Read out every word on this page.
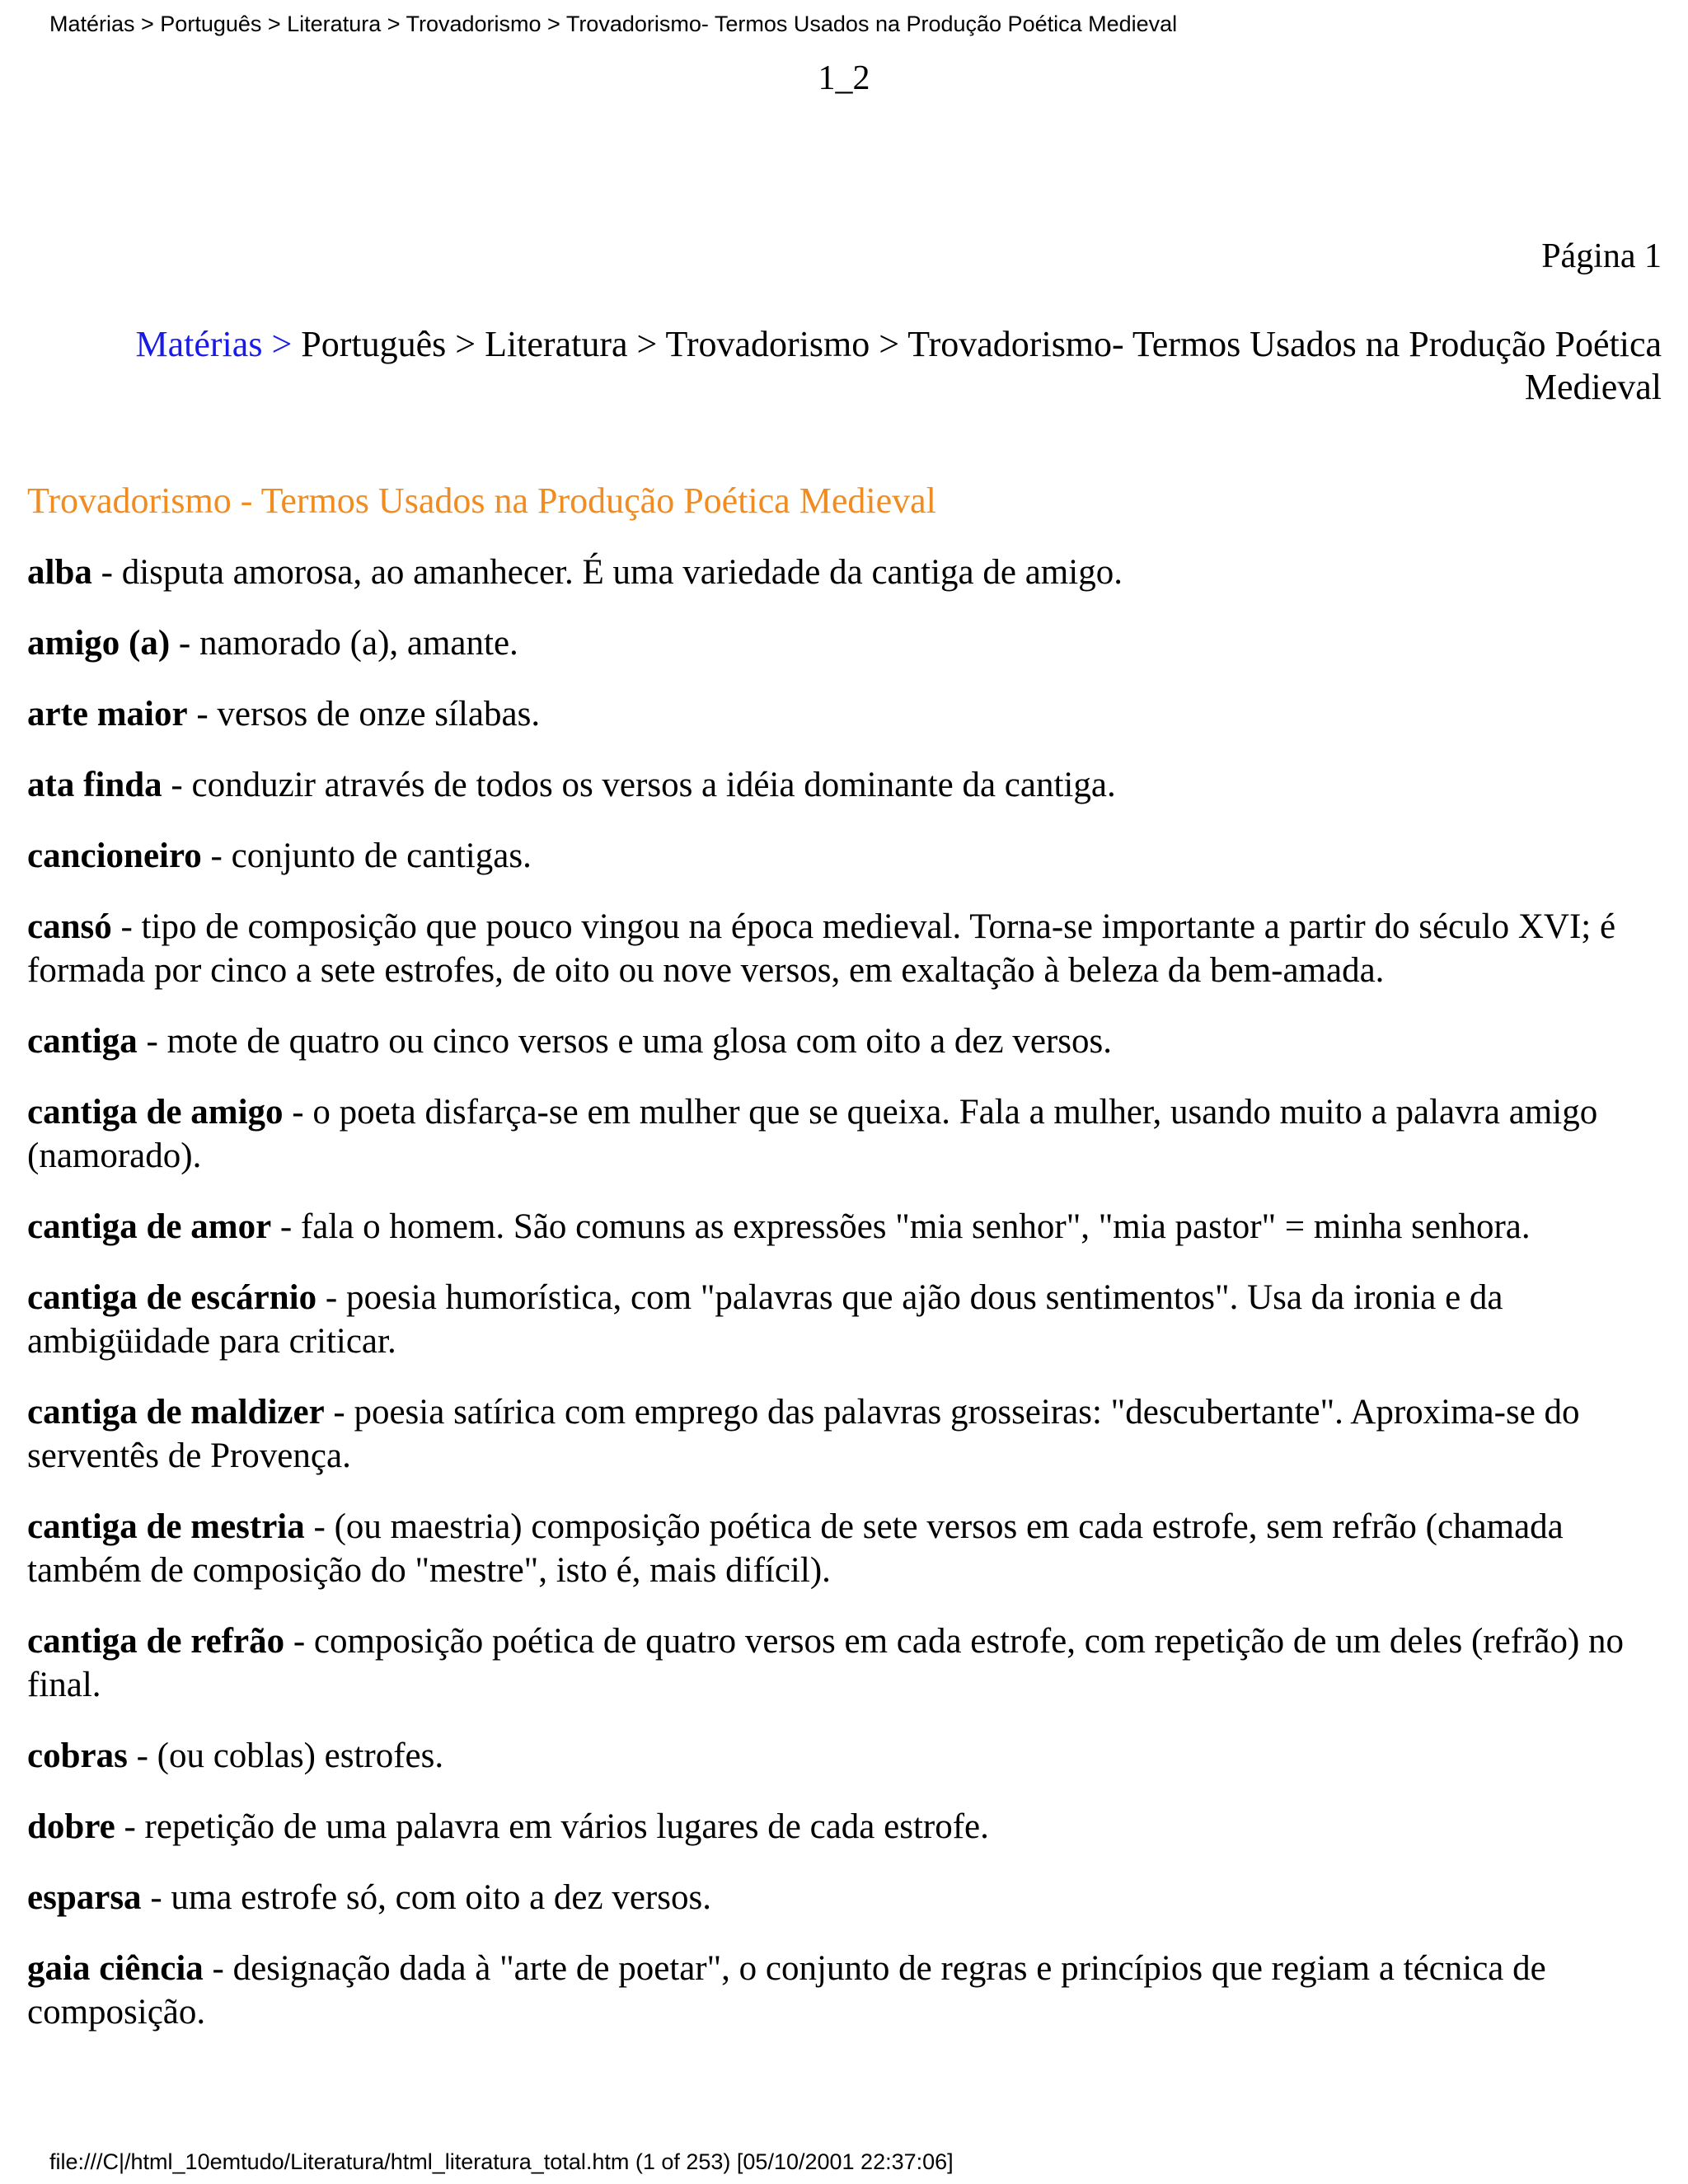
Matérias > Português > Literatura > Trovadorismo > Trovadorismo- Termos Usados na Produção Poética Medieval
1_2
Página 1
Matérias > Português > Literatura > Trovadorismo > Trovadorismo- Termos Usados na Produção Poética Medieval
Trovadorismo - Termos Usados na Produção Poética Medieval
alba - disputa amorosa, ao amanhecer. É uma variedade da cantiga de amigo.
amigo (a) - namorado (a), amante.
arte maior - versos de onze sílabas.
ata finda - conduzir através de todos os versos a idéia dominante da cantiga.
cancioneiro - conjunto de cantigas.
cansó - tipo de composição que pouco vingou na época medieval. Torna-se importante a partir do século XVI; é formada por cinco a sete estrofes, de oito ou nove versos, em exaltação à beleza da bem-amada.
cantiga - mote de quatro ou cinco versos e uma glosa com oito a dez versos.
cantiga de amigo - o poeta disfarça-se em mulher que se queixa. Fala a mulher, usando muito a palavra amigo (namorado).
cantiga de amor - fala o homem. São comuns as expressões "mia senhor", "mia pastor" = minha senhora.
cantiga de escárnio - poesia humorística, com "palavras que ajão dous sentimentos". Usa da ironia e da ambigüidade para criticar.
cantiga de maldizer - poesia satírica com emprego das palavras grosseiras: "descubertante". Aproxima-se do serventês de Provença.
cantiga de mestria - (ou maestria) composição poética de sete versos em cada estrofe, sem refrão (chamada também de composição do "mestre", isto é, mais difícil).
cantiga de refrão - composição poética de quatro versos em cada estrofe, com repetição de um deles (refrão) no final.
cobras - (ou coblas) estrofes.
dobre - repetição de uma palavra em vários lugares de cada estrofe.
esparsa - uma estrofe só, com oito a dez versos.
gaia ciência - designação dada à "arte de poetar", o conjunto de regras e princípios que regiam a técnica de composição.
file:///C|/html_10emtudo/Literatura/html_literatura_total.htm (1 of 253) [05/10/2001 22:37:06]
